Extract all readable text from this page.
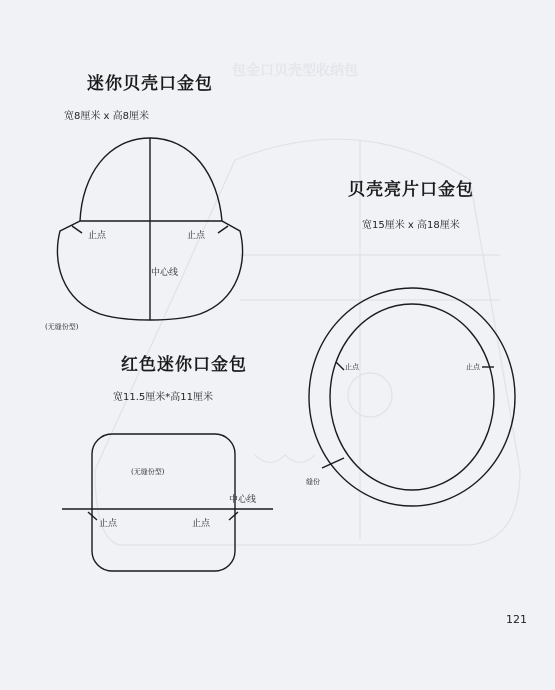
包金口贝壳型收纳包
迷你贝壳口金包
宽8厘米 x 高8厘米
止点	止点
中心线
(无缝份型)
贝壳亮片口金包
宽15厘米 x 高18厘米
止点	止点
缝份
红色迷你口金包
宽11.5厘米*高11厘米
(无缝份型)
中心线
止点	止点
121
